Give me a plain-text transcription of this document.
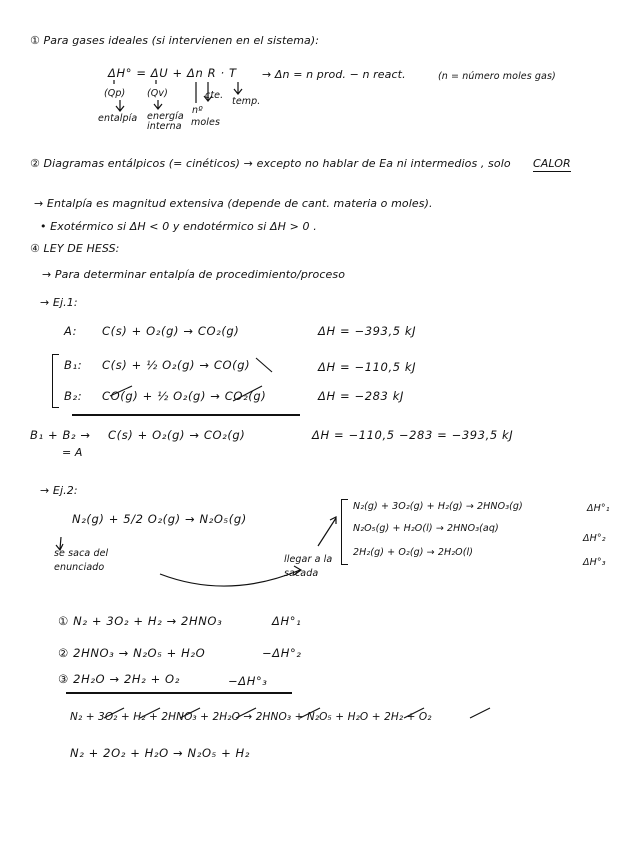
① Para gases ideales (si intervienen en el sistema):
ΔH° = ΔU + Δn R · T → Δn = n prod. − n react.	(n = número moles gas)
(Qp) (Qv)	cte.
temp.
nº
entalpía energía
interna moles
② Diagramas entálpicos (= cinéticos) → excepto no hablar de Ea ni intermedios , solo CALOR
→ Entalpía es magnitud extensiva (depende de cant. materia o moles).
• Exotérmico si ΔH < 0 y endotérmico si ΔH > 0 .
④ LEY DE HESS:
→ Para determinar entalpía de procedimiento/proceso
→ Ej.1:
A: C(s) + O₂(g) → CO₂(g)	ΔH = −393,5 kJ
B₁: C(s) + ½ O₂(g) → CO(g)	ΔH = −110,5 kJ
B₂: CO(g) + ½ O₂(g) → CO₂(g)	ΔH = −283 kJ
B₁ + B₂ → C(s) + O₂(g) → CO₂(g)	ΔH = −110,5 −283 = −393,5 kJ
= A
→ Ej.2:
N₂(g) + 5/2 O₂(g) → N₂O₅(g)
se saca del enunciado
llegar a la sacada
N₂(g) + 3O₂(g) + H₂(g) → 2HNO₃(g)	ΔH°₁
N₂O₅(g) + H₂O(l) → 2HNO₃(aq)
ΔH°₂
2H₂(g) + O₂(g) → 2H₂O(l)
ΔH°₃
① N₂ + 3O₂ + H₂ → 2HNO₃	ΔH°₁
② 2HNO₃ → N₂O₅ + H₂O	−ΔH°₂
③ 2H₂O → 2H₂ + O₂	−ΔH°₃
N₂ + 3O₂ + H₂ + 2HNO₃ + 2H₂O → 2HNO₃ + N₂O₅ + H₂O + 2H₂ + O₂
N₂ + 2O₂ + H₂O → N₂O₅ + H₂
